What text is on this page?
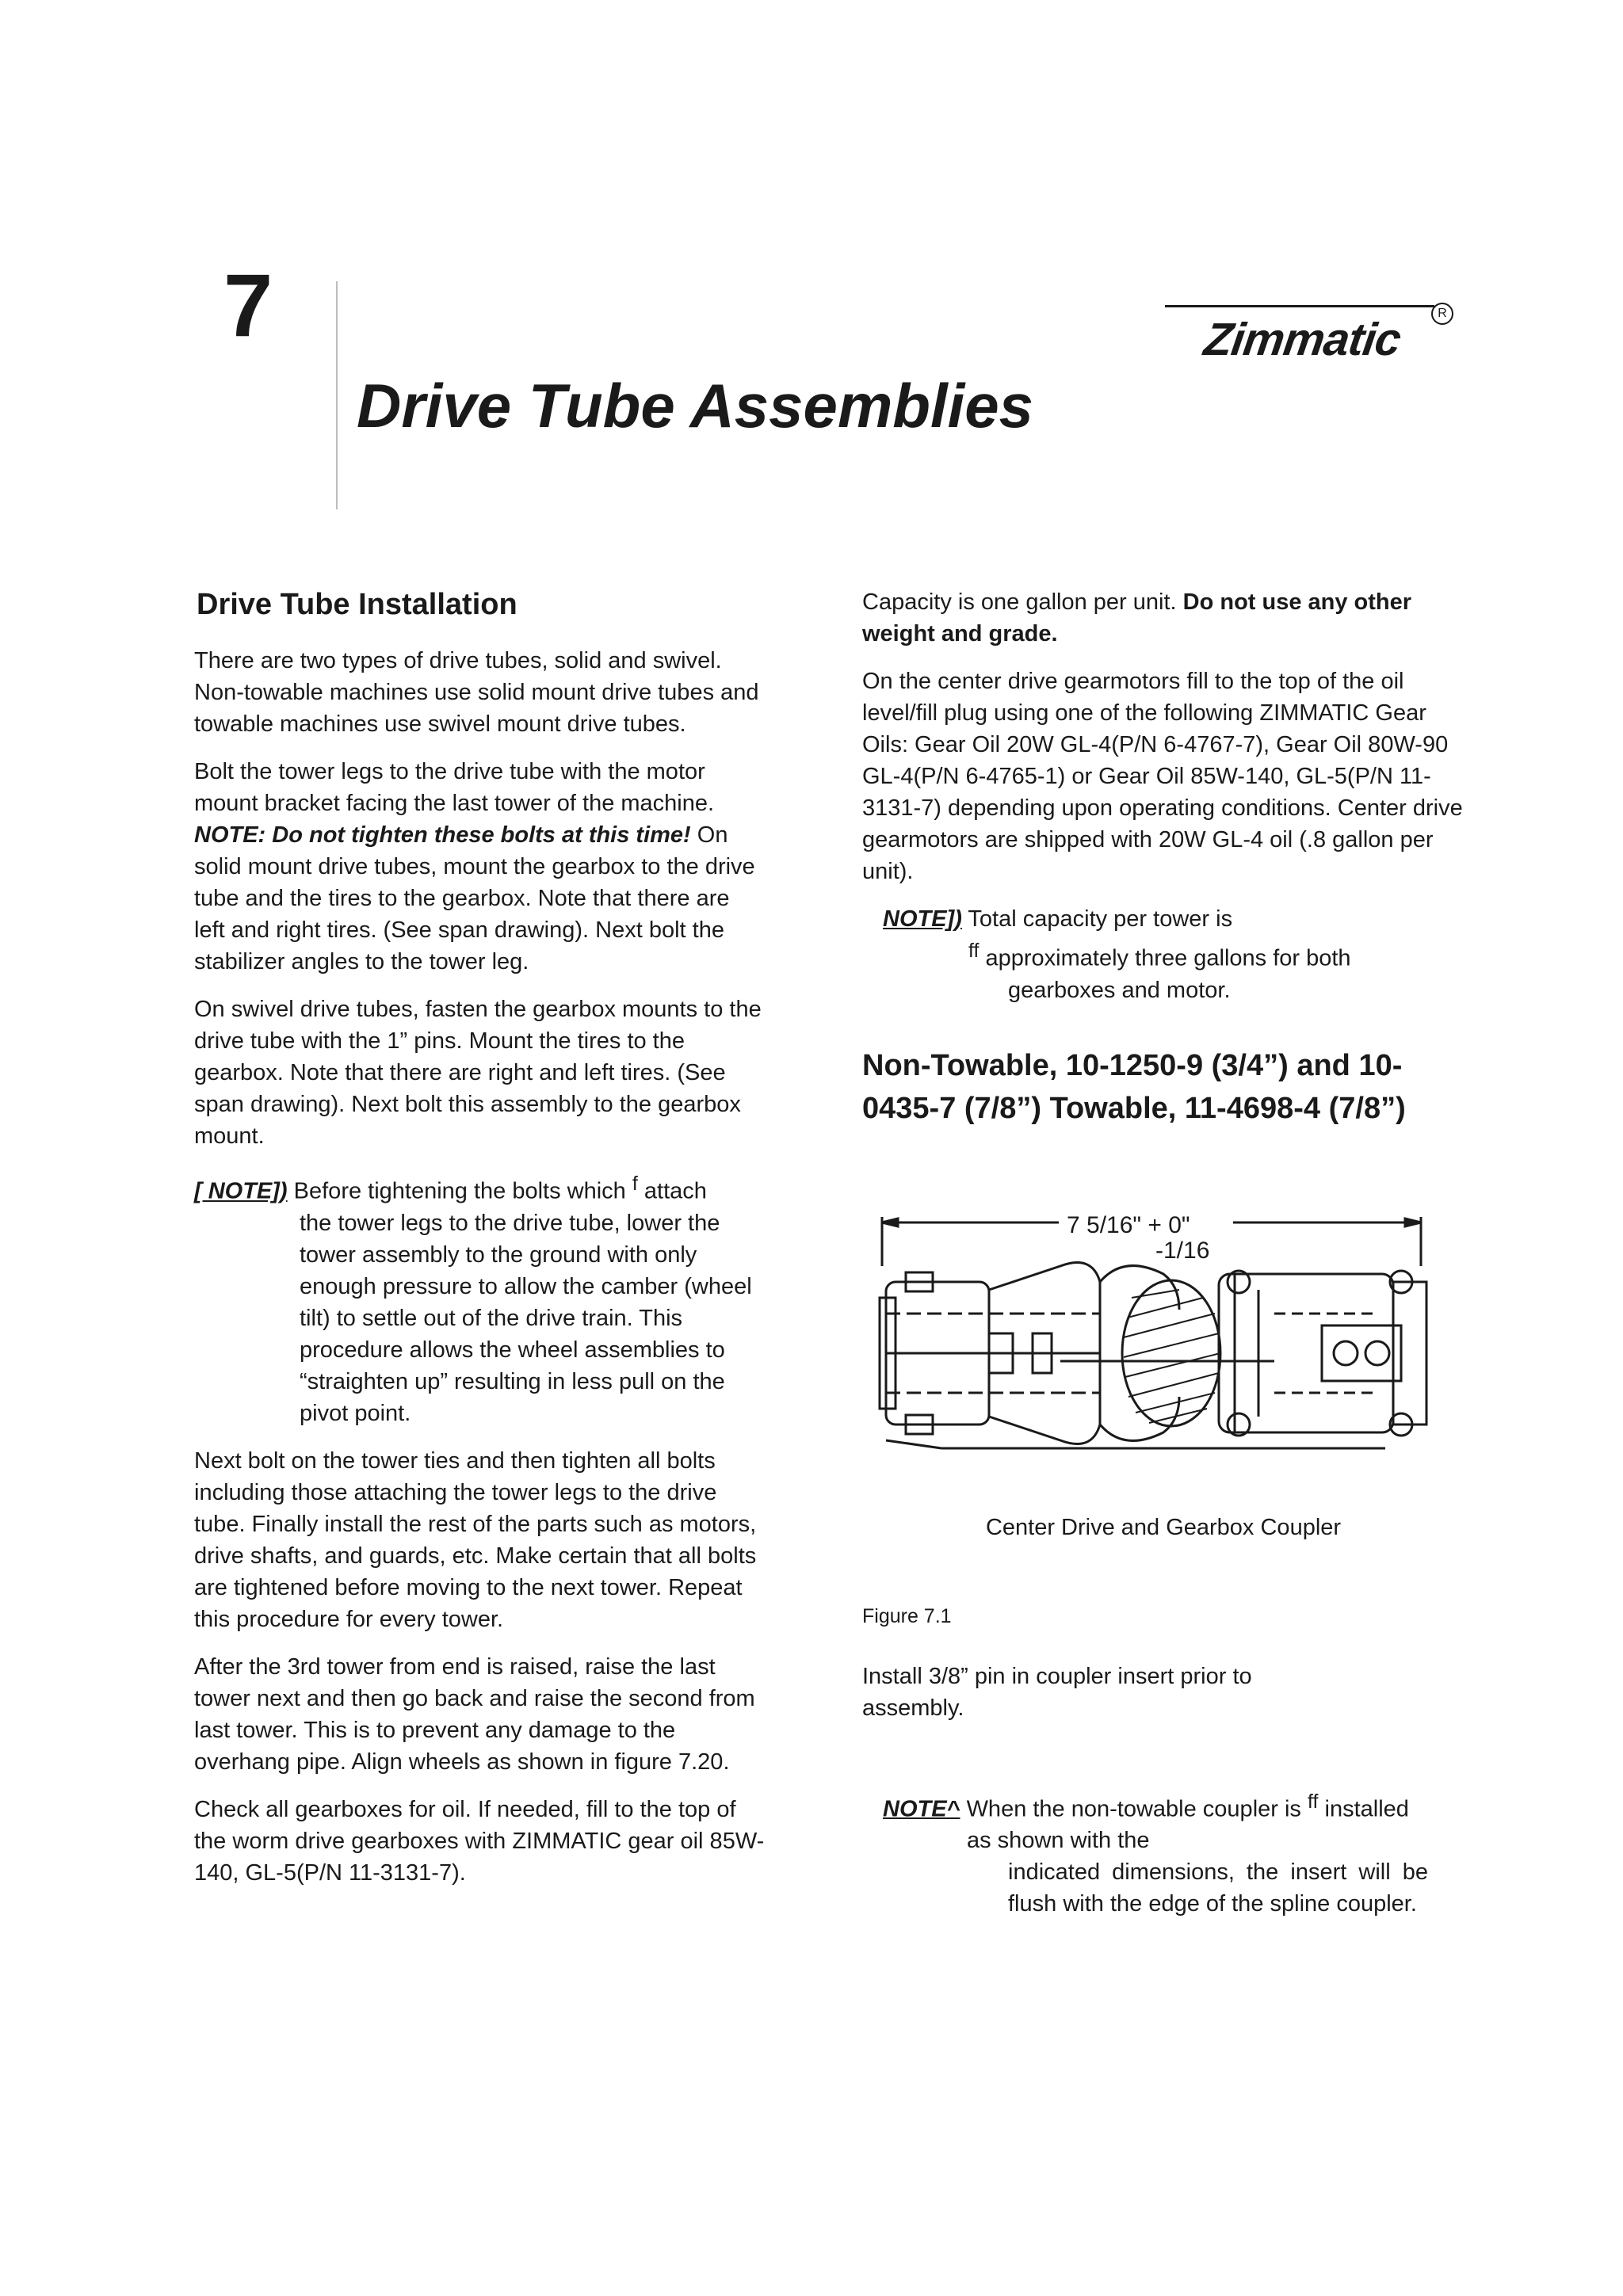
7
Drive Tube Assemblies
Zimmatic
R
Drive Tube Installation

There are two types of drive tubes, solid and swivel. Non-towable machines use solid mount drive tubes and towable machines use swivel mount drive tubes.

Bolt the tower legs to the drive tube with the motor mount bracket facing the last tower of the machine. NOTE: Do not tighten these bolts at this time! On solid mount drive tubes, mount the gearbox to the drive tube and the tires to the gearbox. Note that there are left and right tires. (See span drawing). Next bolt the stabilizer angles to the tower leg.

On swivel drive tubes, fasten the gearbox mounts to the drive tube with the 1” pins. Mount the tires to the gearbox. Note that there are right and left tires. (See span drawing). Next bolt this assembly to the gearbox mount.

[ NOTE]) Before tightening the bolts which $^f$ attach
the tower legs to the drive tube, lower the tower assembly to the ground with only enough pressure to allow the camber (wheel tilt) to settle out of the drive train. This procedure allows the wheel assemblies to “straighten up” resulting in less pull on the pivot point.

Next bolt on the tower ties and then tighten all bolts including those attaching the tower legs to the drive tube. Finally install the rest of the parts such as motors, drive shafts, and guards, etc. Make certain that all bolts are tightened before moving to the next tower. Repeat this procedure for every tower.

After the 3rd tower from end is raised, raise the last tower next and then go back and raise the second from last tower. This is to prevent any damage to the overhang pipe. Align wheels as shown in figure 7.20.

Check all gearboxes for oil. If needed, fill to the top of the worm drive gearboxes with ZIMMATIC gear oil 85W-140, GL-5(P/N 11-3131-7).

Capacity is one gallon per unit. Do not use any other weight and grade.

On the center drive gearmotors fill to the top of the oil level/fill plug using one of the following ZIMMATIC Gear Oils: Gear Oil 20W GL-4(P/N 6-4767-7), Gear Oil 80W-90 GL-4(P/N 6-4765-1) or Gear Oil 85W-140, GL-5(P/N 11-3131-7) depending upon operating conditions. Center drive gearmotors are shipped with 20W GL-4 oil (.8 gallon per unit).

NOTE]) Total capacity per tower is
$^{ff}$ approximately three gallons for both
gearboxes and motor.
Non-Towable, 10-1250-9 (3/4”) and 10-0435-7 (7/8”) Towable, 11-4698-4 (7/8”)
7 5/16" + 0"
-1/16
Center Drive and Gearbox Coupler
Figure 7.1

Install 3/8” pin in coupler insert prior to assembly.

NOTE^ When the non-towable coupler is $^{ff}$ installed
as shown with the
indicated dimensions, the insert will be flush with the edge of the spline coupler.
